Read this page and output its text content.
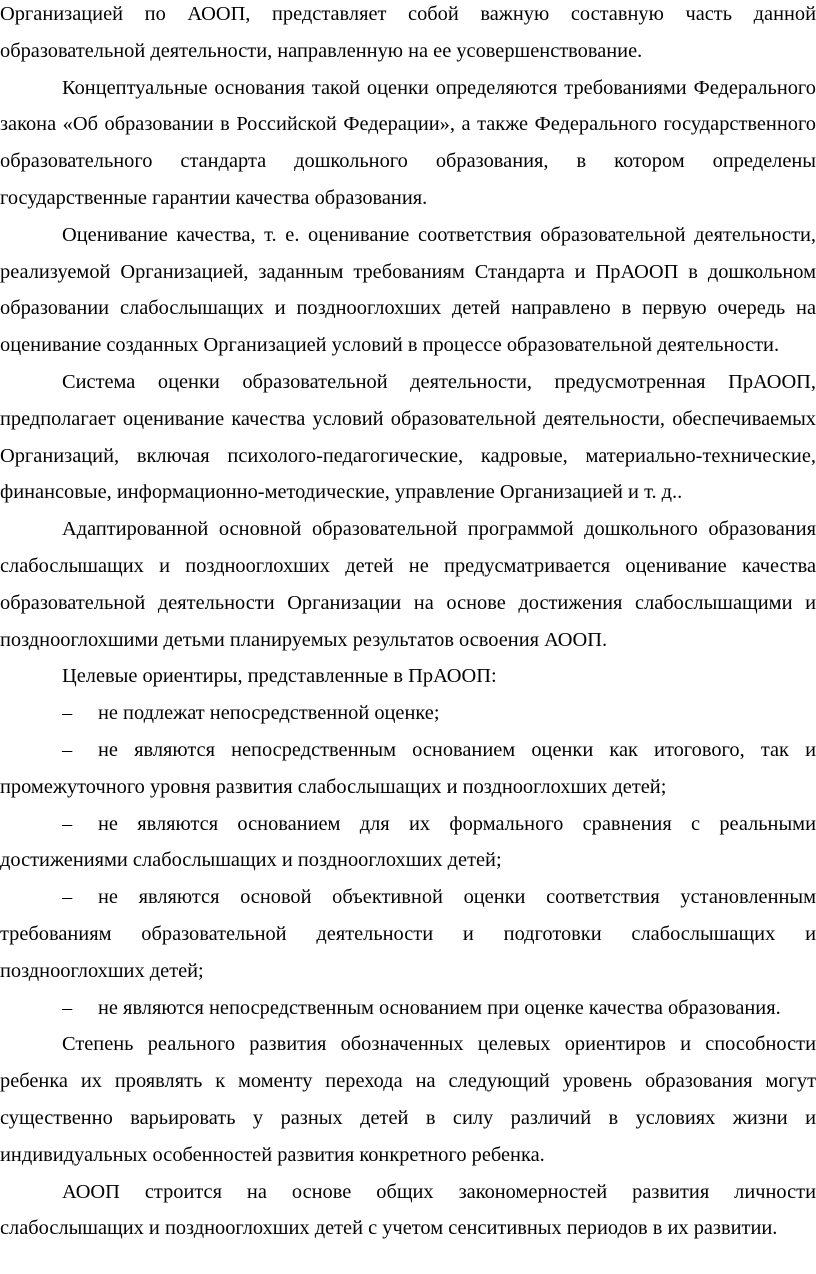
Организацией по АООП, представляет собой важную составную часть данной образовательной деятельности, направленную на ее усовершенствование.

Концептуальные основания такой оценки определяются требованиями Федерального закона «Об образовании в Российской Федерации», а также Федерального государственного образовательного стандарта дошкольного образования, в котором определены государственные гарантии качества образования.

Оценивание качества, т. е. оценивание соответствия образовательной деятельности, реализуемой Организацией, заданным требованиям Стандарта и ПрАООП в дошкольном образовании слабослышащих и позднооглохших детей направлено в первую очередь на оценивание созданных Организацией условий в процессе образовательной деятельности.

Система оценки образовательной деятельности, предусмотренная ПрАООП, предполагает оценивание качества условий образовательной деятельности, обеспечиваемых Организаций, включая психолого-педагогические, кадровые, материально-технические, финансовые, информационно-методические, управление Организацией и т. д..

Адаптированной основной образовательной программой дошкольного образования слабослышащих и позднооглохших детей не предусматривается оценивание качества образовательной деятельности Организации на основе достижения слабослышащими и позднооглохшими детьми планируемых результатов освоения АООП.

Целевые ориентиры, представленные в ПрАООП:

– не подлежат непосредственной оценке;

– не являются непосредственным основанием оценки как итогового, так и промежуточного уровня развития слабослышащих и позднооглохших детей;

– не являются основанием для их формального сравнения с реальными достижениями слабослышащих и позднооглохших детей;

– не являются основой объективной оценки соответствия установленным требованиям образовательной деятельности и подготовки слабослышащих и позднооглохших детей;

– не являются непосредственным основанием при оценке качества образования.

Степень реального развития обозначенных целевых ориентиров и способности ребенка их проявлять к моменту перехода на следующий уровень образования могут существенно варьировать у разных детей в силу различий в условиях жизни и индивидуальных особенностей развития конкретного ребенка.

АООП строится на основе общих закономерностей развития личности слабослышащих и позднооглохших детей с учетом сенситивных периодов в их развитии.
